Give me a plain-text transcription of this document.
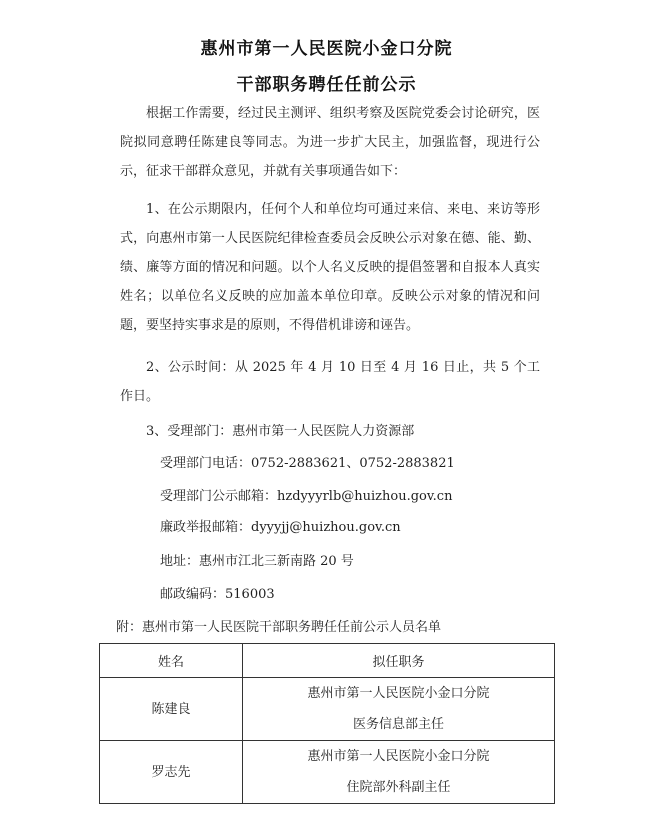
惠州市第一人民医院小金口分院
干部职务聘任任前公示

根据工作需要，经过民主测评、组织考察及医院党委会讨论研究，医院拟同意聘任陈建良等同志。为进一步扩大民主，加强监督，现进行公示，征求干部群众意见，并就有关事项通告如下：

1、在公示期限内，任何个人和单位均可通过来信、来电、来访等形式，向惠州市第一人民医院纪律检查委员会反映公示对象在德、能、勤、绩、廉等方面的情况和问题。以个人名义反映的提倡签署和自报本人真实姓名；以单位名义反映的应加盖本单位印章。反映公示对象的情况和问题，要坚持实事求是的原则，不得借机诽谤和诬告。

2、公示时间：从 2025 年 4 月 10 日至 4 月 16 日止，共 5 个工作日。

3、受理部门：惠州市第一人民医院人力资源部
受理部门电话：0752-2883621、0752-2883821
受理部门公示邮箱：hzdyyyrlb@huizhou.gov.cn
廉政举报邮箱：dyyyjj@huizhou.gov.cn
地址：惠州市江北三新南路 20 号
邮政编码：516003
附：惠州市第一人民医院干部职务聘任任前公示人员名单
姓名	拟任职务
陈建良	惠州市第一人民医院小金口分院
医务信息部主任

罗志先	惠州市第一人民医院小金口分院
住院部外科副主任
